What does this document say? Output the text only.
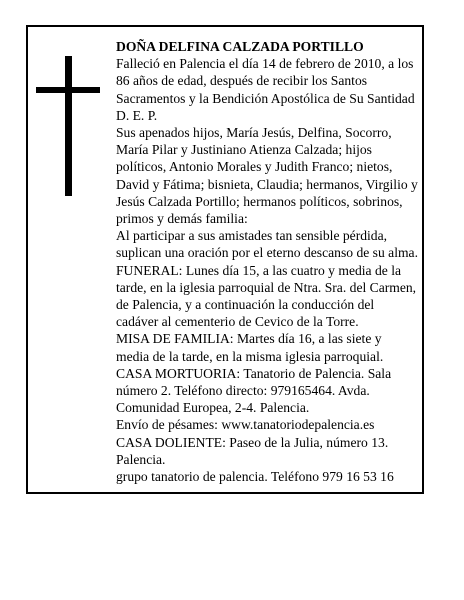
DOÑA DELFINA CALZADA PORTILLO
Falleció en Palencia el día 14 de febrero de 2010, a los 86 años de edad, después de recibir los Santos Sacramentos y la Bendición Apostólica de Su Santidad
D. E. P.
Sus apenados hijos, María Jesús, Delfina, Socorro, María Pilar y Justiniano Atienza Calzada; hijos políticos, Antonio Morales y Judith Franco; nietos, David y Fátima; bisnieta, Claudia; hermanos, Virgilio y Jesús Calzada Portillo; hermanos políticos, sobrinos, primos y demás familia:
Al participar a sus amistades tan sensible pérdida, suplican una oración por el eterno descanso de su alma.
FUNERAL: Lunes día 15, a las cuatro y media de la tarde, en la iglesia parroquial de Ntra. Sra. del Carmen, de Palencia, y a continuación la conducción del cadáver al cementerio de Cevico de la Torre.
MISA DE FAMILIA: Martes día 16, a las siete y media de la tarde, en la misma iglesia parroquial.
CASA MORTUORIA: Tanatorio de Palencia. Sala número 2. Teléfono directo: 979165464. Avda. Comunidad Europea, 2-4. Palencia.
Envío de pésames: www.tanatoriodepalencia.es
CASA DOLIENTE: Paseo de la Julia, número 13. Palencia.
grupo tanatorio de palencia. Teléfono 979 16 53 16
